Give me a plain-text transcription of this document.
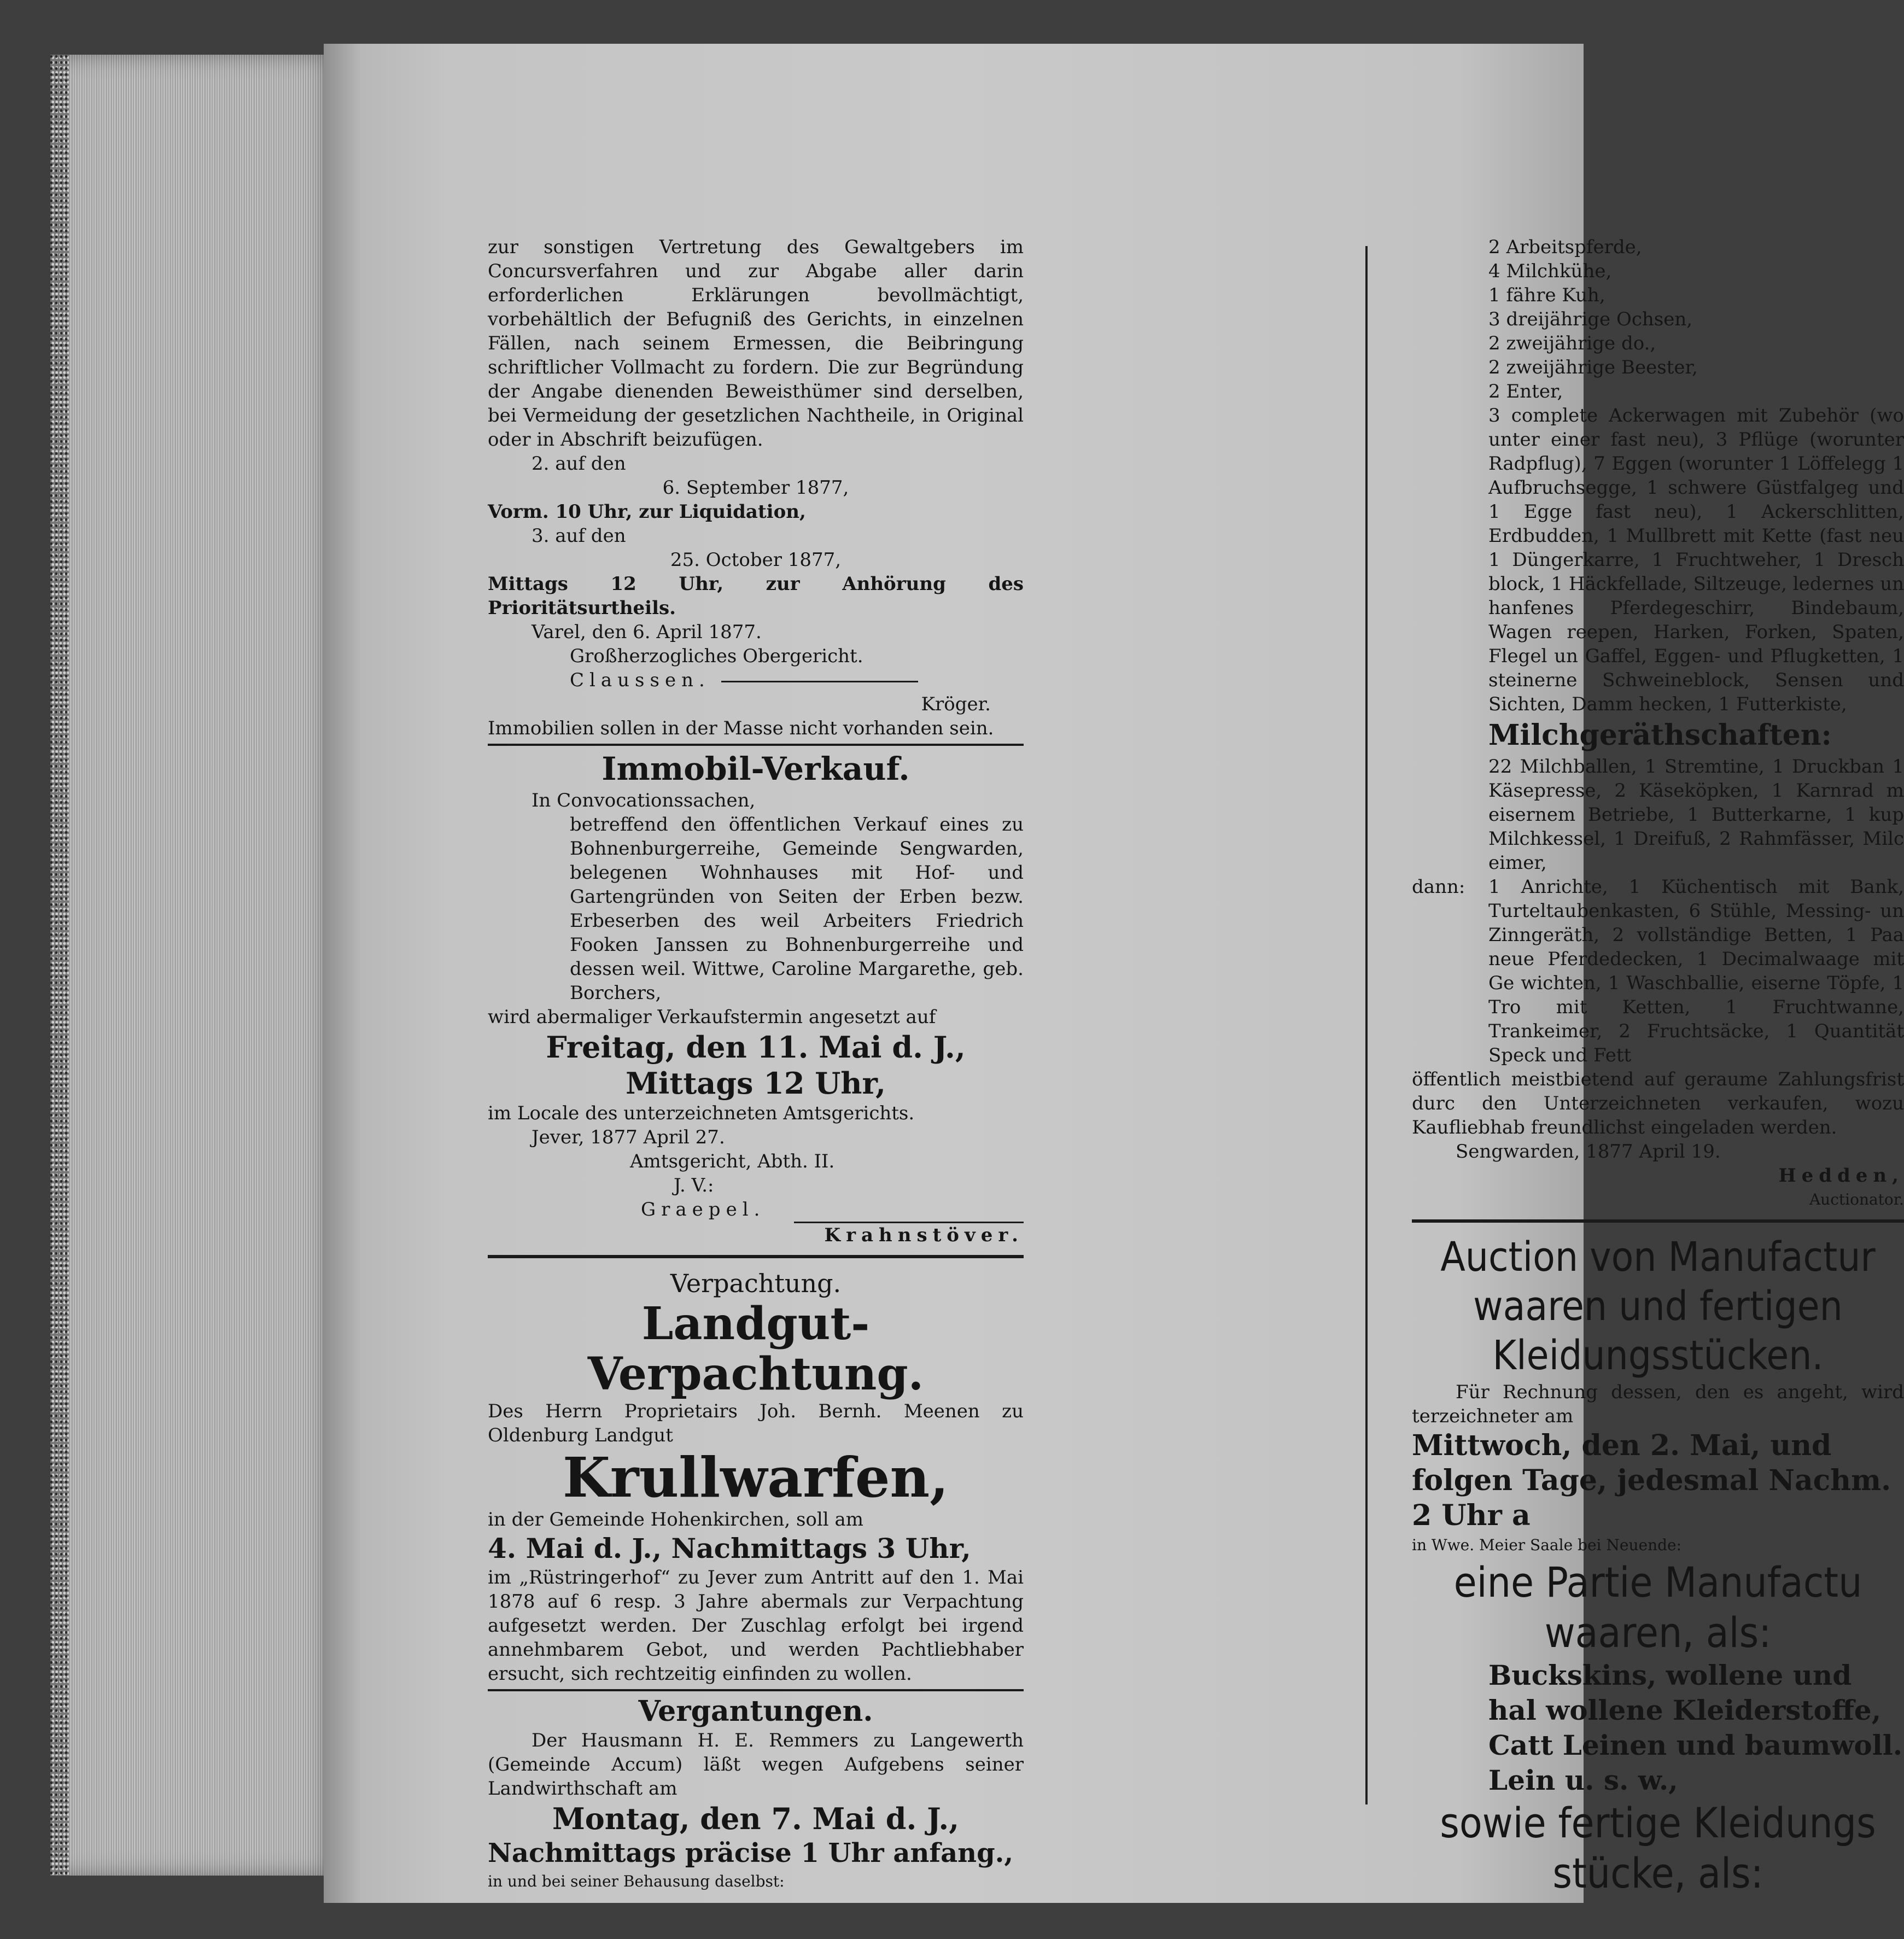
zur sonstigen Vertretung des Gewaltgebers im Concursverfahren und zur Abgabe aller darin erforderlichen Erklärungen bevollmächtigt, vorbehältlich der Befugniß des Gerichts, in einzelnen Fällen, nach seinem Ermessen, die Beibringung schriftlicher Vollmacht zu fordern. Die zur Begründung der Angabe dienenden Beweisthümer sind derselben, bei Vermeidung der gesetzlichen Nachtheile, in Original oder in Abschrift beizufügen.

2. auf den

6. September 1877,

Vorm. 10 Uhr, zur Liquidation,

3. auf den

25. October 1877,

Mittags 12 Uhr, zur Anhörung des Prioritätsurtheils.

Varel, den 6. April 1877.

Großherzogliches Obergericht.

Claussen.

Kröger.

Immobilien sollen in der Masse nicht vorhanden sein.

Immobil-Verkauf.

In Convocationssachen,

betreffend den öffentlichen Verkauf eines zu Bohnenburgerreihe, Gemeinde Sengwarden, belegenen Wohnhauses mit Hof- und Gartengründen von Seiten der Erben bezw. Erbeserben des weil Arbeiters Friedrich Fooken Janssen zu Bohnenburgerreihe und dessen weil. Wittwe, Caroline Margarethe, geb. Borchers,

wird abermaliger Verkaufstermin angesetzt auf

Freitag, den 11. Mai d. J.,

Mittags 12 Uhr,

im Locale des unterzeichneten Amtsgerichts.

Jever, 1877 April 27.

Amtsgericht, Abth. II.

J. V.:

Graepel.

Krahnstöver.

Verpachtung.

Landgut-Verpachtung.

Des Herrn Proprietairs Joh. Bernh. Meenen zu Oldenburg Landgut

Krullwarfen,

in der Gemeinde Hohenkirchen, soll am

4. Mai d. J., Nachmittags 3 Uhr,

im „Rüstringerhof“ zu Jever zum Antritt auf den 1. Mai 1878 auf 6 resp. 3 Jahre abermals zur Verpachtung aufgesetzt werden. Der Zuschlag erfolgt bei irgend annehmbarem Gebot, und werden Pachtliebhaber ersucht, sich rechtzeitig einfinden zu wollen.

Vergantungen.

Der Hausmann H. E. Remmers zu Langewerth (Gemeinde Accum) läßt wegen Aufgebens seiner Landwirthschaft am

Montag, den 7. Mai d. J.,

Nachmittags präcise 1 Uhr anfang.,

in und bei seiner Behausung daselbst:

2 Arbeitspferde,

4 Milchkühe,

1 fähre Kuh,

3 dreijährige Ochsen,

2 zweijährige do.,

2 zweijährige Beester,

2 Enter,

3 complete Ackerwagen mit Zubehör (wo unter einer fast neu), 3 Pflüge (worunter Radpflug), 7 Eggen (worunter 1 Löffelegg 1 Aufbruchsegge, 1 schwere Güstfalgeg und 1 Egge fast neu), 1 Ackerschlitten, Erdbudden, 1 Mullbrett mit Kette (fast neu 1 Düngerkarre, 1 Fruchtweher, 1 Dresch block, 1 Häckfellade, Siltzeuge, ledernes un hanfenes Pferdegeschirr, Bindebaum, Wagen reepen, Harken, Forken, Spaten, Flegel un Gaffel, Eggen- und Pflugketten, 1 steinerne Schweineblock, Sensen und Sichten, Damm hecken, 1 Futterkiste,

Milchgeräthschaften:

22 Milchballen, 1 Stremtine, 1 Druckban 1 Käsepresse, 2 Käseköpken, 1 Karnrad m eisernem Betriebe, 1 Butterkarne, 1 kup Milchkessel, 1 Dreifuß, 2 Rahmfässer, Milc eimer,

dann:	1 Anrichte, 1 Küchentisch mit Bank, Turteltaubenkasten, 6 Stühle, Messing- un Zinngeräth, 2 vollständige Betten, 1 Paa neue Pferdedecken, 1 Decimalwaage mit Ge wichten, 1 Waschballie, eiserne Töpfe, 1 Tro mit Ketten, 1 Fruchtwanne, Trankeimer, 2 Fruchtsäcke, 1 Quantität Speck und Fett

öffentlich meistbietend auf geraume Zahlungsfrist durc den Unterzeichneten verkaufen, wozu Kaufliebhab freundlichst eingeladen werden.

Sengwarden, 1877 April 19.

Hedden,

Auctionator.

Auction von Manufactur waaren und fertigen Kleidungsstücken.

Für Rechnung dessen, den es angeht, wird terzeichneter am

Mittwoch, den 2. Mai, und folgen Tage, jedesmal Nachm. 2 Uhr a

in Wwe. Meier Saale bei Neuende:

eine Partie Manufactu waaren, als:

Buckskins, wollene und hal wollene Kleiderstoffe, Catt Leinen und baumwoll. Lein u. s. w.,

sowie fertige Kleidungs stücke, als:
